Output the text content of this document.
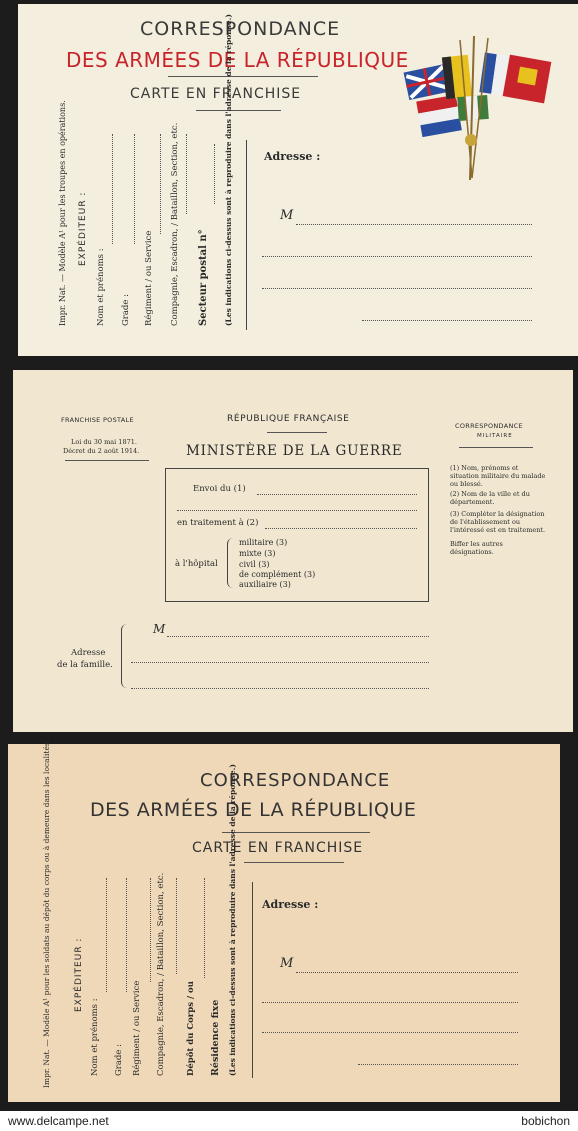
CORRESPONDANCE
DES ARMÉES DE LA RÉPUBLIQUE
CARTE EN FRANCHISE
Impr. Nat. — Modèle A¹ pour les troupes en opérations. EXPÉDITEUR :
Nom et prénoms : Grade : Régiment / ou Service Compagnie, Escadron, / Bataillon, Section, etc. Secteur postal n° (Les indications ci-dessus sont à reproduire dans l'adresse de la réponse.)	Adresse :
M
FRANCHISE POSTALE
Loi du 30 mai 1871.
Décret du 2 août 1914.
RÉPUBLIQUE FRANÇAISE
MINISTÈRE DE LA GUERRE
CORRESPONDANCE
MILITAIRE
Envoi du (1)
en traitement à (2)
à l'hôpital
militaire (3)
mixte (3)
civil (3)
de complément (3)
auxiliaire (3)
(1) Nom, prénoms et situation militaire du malade ou blessé.
(2) Nom de la ville et du département.
(3) Compléter la désignation de l'établissement ou l'intéressé est en traitement.
Biffer les autres désignations.
Adresse
de la famille.
M
CORRESPONDANCE
DES ARMÉES DE LA RÉPUBLIQUE
CARTE EN FRANCHISE
Impr. Nat. — Modèle A¹ pour les soldats au dépôt du corps ou à demeure dans les localités.	EXPÉDITEUR :
Nom et prénoms : Grade : Régiment / ou Service Compagnie, Escadron, / Bataillon, Section, etc. Dépôt du Corps / ou Résidence fixe (Les indications ci-dessus sont à reproduire dans l'adresse de la réponse.) Adresse :
M
www.delcampe.net	bobichon
